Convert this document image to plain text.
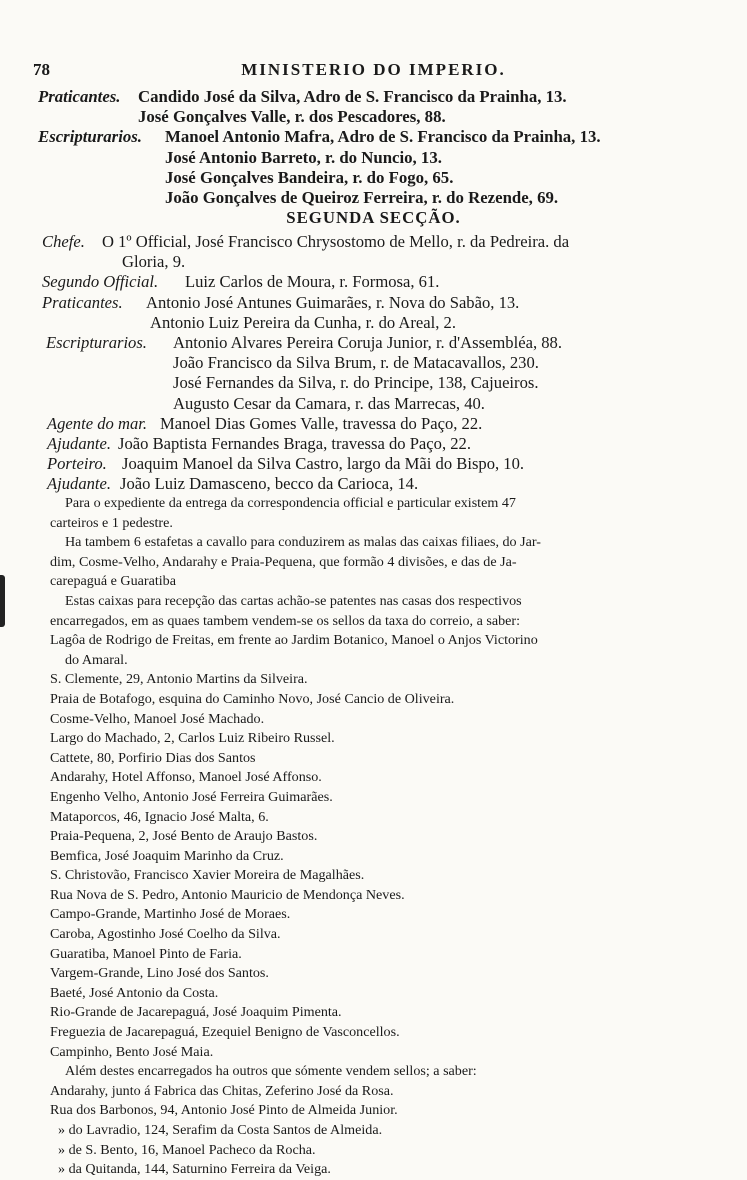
78	MINISTERIO DO IMPERIO.
Praticantes. Candido José da Silva, Adro de S. Francisco da Prainha, 13.
José Gonçalves Valle, r. dos Pescadores, 88.
Escripturarios. Manoel Antonio Mafra, Adro de S. Francisco da Prainha, 13.
José Antonio Barreto, r. do Nuncio, 13.
José Gonçalves Bandeira, r. do Fogo, 65.
João Gonçalves de Queiroz Ferreira, r. do Rezende, 69.
SEGUNDA SECÇÃO.
Chefe. O 1º Official, José Francisco Chrysostomo de Mello, r. da Pedreira. da
Gloria, 9.
Segundo Official. Luiz Carlos de Moura, r. Formosa, 61.
Praticantes. Antonio José Antunes Guimarães, r. Nova do Sabão, 13.
Antonio Luiz Pereira da Cunha, r. do Areal, 2.
Escripturarios. Antonio Alvares Pereira Coruja Junior, r. d'Assembléa, 88.
João Francisco da Silva Brum, r. de Matacavallos, 230.
José Fernandes da Silva, r. do Principe, 138, Cajueiros.
Augusto Cesar da Camara, r. das Marrecas, 40.
Agente do mar. Manoel Dias Gomes Valle, travessa do Paço, 22.
Ajudante. João Baptista Fernandes Braga, travessa do Paço, 22.
Porteiro. Joaquim Manoel da Silva Castro, largo da Mãi do Bispo, 10.
Ajudante. João Luiz Damasceno, becco da Carioca, 14.
Para o expediente da entrega da correspondencia official e particular existem 47
carteiros e 1 pedestre.
Ha tambem 6 estafetas a cavallo para conduzirem as malas das caixas filiaes, do Jar-
dim, Cosme-Velho, Andarahy e Praia-Pequena, que formão 4 divisões, e das de Ja-
carepaguá e Guaratiba
Estas caixas para recepção das cartas achão-se patentes nas casas dos respectivos
encarregados, em as quaes tambem vendem-se os sellos da taxa do correio, a saber:
Lagôa de Rodrigo de Freitas, em frente ao Jardim Botanico, Manoel o Anjos Victorino
do Amaral.
S. Clemente, 29, Antonio Martins da Silveira.
Praia de Botafogo, esquina do Caminho Novo, José Cancio de Oliveira.
Cosme-Velho, Manoel José Machado.
Largo do Machado, 2, Carlos Luiz Ribeiro Russel.
Cattete, 80, Porfirio Dias dos Santos
Andarahy, Hotel Affonso, Manoel José Affonso.
Engenho Velho, Antonio José Ferreira Guimarães.
Mataporcos, 46, Ignacio José Malta, 6.
Praia-Pequena, 2, José Bento de Araujo Bastos.
Bemfica, José Joaquim Marinho da Cruz.
S. Christovão, Francisco Xavier Moreira de Magalhães.
Rua Nova de S. Pedro, Antonio Mauricio de Mendonça Neves.
Campo-Grande, Martinho José de Moraes.
Caroba, Agostinho José Coelho da Silva.
Guaratiba, Manoel Pinto de Faria.
Vargem-Grande, Lino José dos Santos.
Baeté, José Antonio da Costa.
Rio-Grande de Jacarepaguá, José Joaquim Pimenta.
Freguezia de Jacarepaguá, Ezequiel Benigno de Vasconcellos.
Campinho, Bento José Maia.
Além destes encarregados ha outros que sómente vendem sellos; a saber:
Andarahy, junto á Fabrica das Chitas, Zeferino José da Rosa.
Rua dos Barbonos, 94, Antonio José Pinto de Almeida Junior.
» do Lavradio, 124, Serafim da Costa Santos de Almeida.
» de S. Bento, 16, Manoel Pacheco da Rocha.
» da Quitanda, 144, Saturnino Ferreira da Veiga.
